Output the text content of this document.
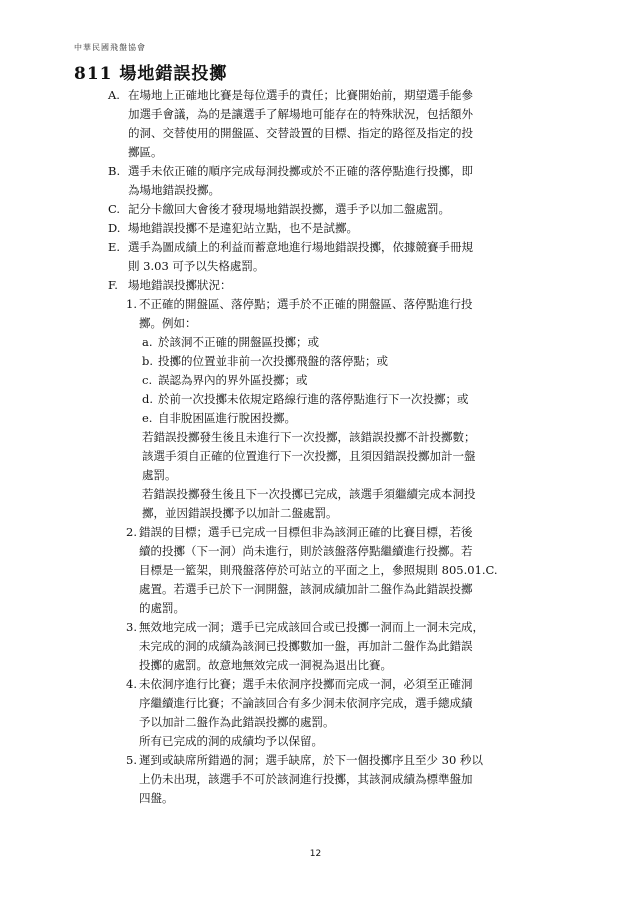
中華民國飛盤協會
811 場地錯誤投擲
A. 在場地上正確地比賽是每位選手的責任；比賽開始前，期望選手能參
加選手會議，為的是讓選手了解場地可能存在的特殊狀況，包括額外
的洞、交替使用的開盤區、交替設置的目標、指定的路徑及指定的投
擲區。
B. 選手未依正確的順序完成每洞投擲或於不正確的落停點進行投擲，即
為場地錯誤投擲。
C. 記分卡繳回大會後才發現場地錯誤投擲，選手予以加二盤處罰。
D. 場地錯誤投擲不是違犯站立點，也不是試擲。
E. 選手為圖成績上的利益而蓄意地進行場地錯誤投擲，依據競賽手冊規
則 3.03 可予以失格處罰。
F. 場地錯誤投擲狀況：
1. 不正確的開盤區、落停點；選手於不正確的開盤區、落停點進行投
擲。例如：
a. 於該洞不正確的開盤區投擲；或
b. 投擲的位置並非前一次投擲飛盤的落停點；或
c. 誤認為界內的界外區投擲；或
d. 於前一次投擲未依規定路線行進的落停點進行下一次投擲；或
e. 自非脫困區進行脫困投擲。
若錯誤投擲發生後且未進行下一次投擲，該錯誤投擲不計投擲數；
該選手須自正確的位置進行下一次投擲，且須因錯誤投擲加計一盤
處罰。
若錯誤投擲發生後且下一次投擲已完成，該選手須繼續完成本洞投
擲，並因錯誤投擲予以加計二盤處罰。
2. 錯誤的目標；選手已完成一目標但非為該洞正確的比賽目標，若後
續的投擲（下一洞）尚未進行，則於該盤落停點繼續進行投擲。若
目標是一籃架，則飛盤落停於可站立的平面之上，參照規則 805.01.C.
處置。若選手已於下一洞開盤，該洞成績加計二盤作為此錯誤投擲
的處罰。
3. 無效地完成一洞；選手已完成該回合或已投擲一洞而上一洞未完成，
未完成的洞的成績為該洞已投擲數加一盤，再加計二盤作為此錯誤
投擲的處罰。故意地無效完成一洞視為退出比賽。
4. 未依洞序進行比賽；選手未依洞序投擲而完成一洞，必須至正確洞
序繼續進行比賽；不論該回合有多少洞未依洞序完成，選手總成績
予以加計二盤作為此錯誤投擲的處罰。
所有已完成的洞的成績均予以保留。
5. 遲到或缺席所錯過的洞；選手缺席，於下一個投擲序且至少 30 秒以
上仍未出現，該選手不可於該洞進行投擲，其該洞成績為標準盤加
四盤。
12
